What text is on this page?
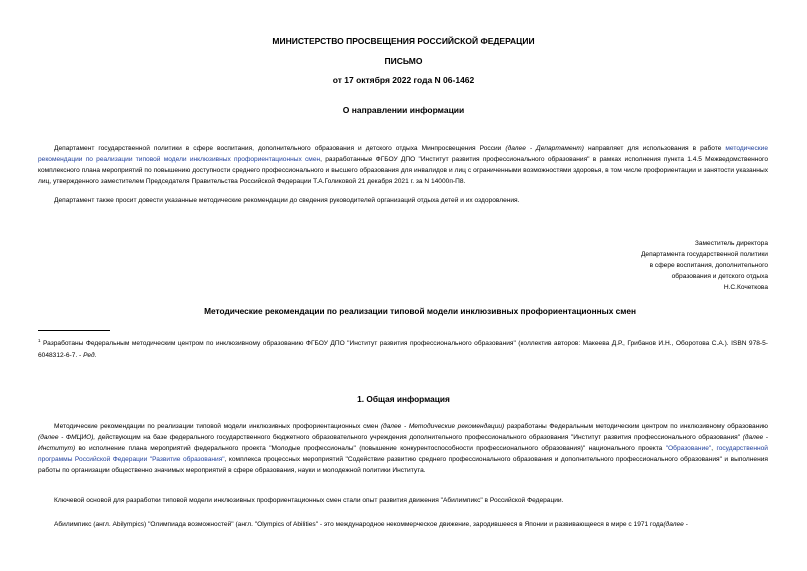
МИНИСТЕРСТВО ПРОСВЕЩЕНИЯ РОССИЙСКОЙ ФЕДЕРАЦИИ
ПИСЬМО
от 17 октября 2022 года N 06-1462
О направлении информации
Департамент государственной политики в сфере воспитания, дополнительного образования и детского отдыха Минпросвещения России (далее - Департамент) направляет для использования в работе методические рекомендации по реализации типовой модели инклюзивных профориентационных смен, разработанные ФГБОУ ДПО "Институт развития профессионального образования" в рамках исполнения пункта 1.4.5 Межведомственного комплексного плана мероприятий по повышению доступности среднего профессионального и высшего образования для инвалидов и лиц с ограниченными возможностями здоровья, в том числе профориентации и занятости указанных лиц, утвержденного заместителем Председателя Правительства Российской Федерации Т.А.Голиковой 21 декабря 2021 г. за N 14000п-П8.
Департамент также просит довести указанные методические рекомендации до сведения руководителей организаций отдыха детей и их оздоровления.
Заместитель директора
Департамента государственной политики
в сфере воспитания, дополнительного
образования и детского отдыха
Н.С.Кочеткова
Методические рекомендации по реализации типовой модели инклюзивных профориентационных смен
$^1$ Разработаны Федеральным методическим центром по инклюзивному образованию ФГБОУ ДПО "Институт развития профессионального образования" (коллектив авторов: Макеева Д.Р., Грибанов И.Н., Оборотова С.А.). ISBN 978-5-6048312-6-7. - Ред.
1. Общая информация
Методические рекомендации по реализации типовой модели инклюзивных профориентационных смен (далее - Методические рекомендации) разработаны Федеральным методическим центром по инклюзивному образованию (далее - ФМЦИО), действующим на базе федерального государственного бюджетного образовательного учреждения дополнительного профессионального образования "Институт развития профессионального образования" (далее - Институт) во исполнение плана мероприятий федерального проекта "Молодые профессионалы" (повышение конкурентоспособности профессионального образования)" национального проекта "Образование", государственной программы Российской Федерации "Развитие образования", комплекса процессных мероприятий "Содействие развитию среднего профессионального образования и дополнительного профессионального образования" и выполнения работы по организации общественно значимых мероприятий в сфере образования, науки и молодежной политики Института.
Ключевой основой для разработки типовой модели инклюзивных профориентационных смен стали опыт развития движения "Абилимпикс" в Российской Федерации.
Абилимпикс (англ. Abilympics) "Олимпиада возможностей" (англ. "Olympics of Abilities" - это международное некоммерческое движение, зародившееся в Японии и развивающееся в мире с 1971 года(далее -
